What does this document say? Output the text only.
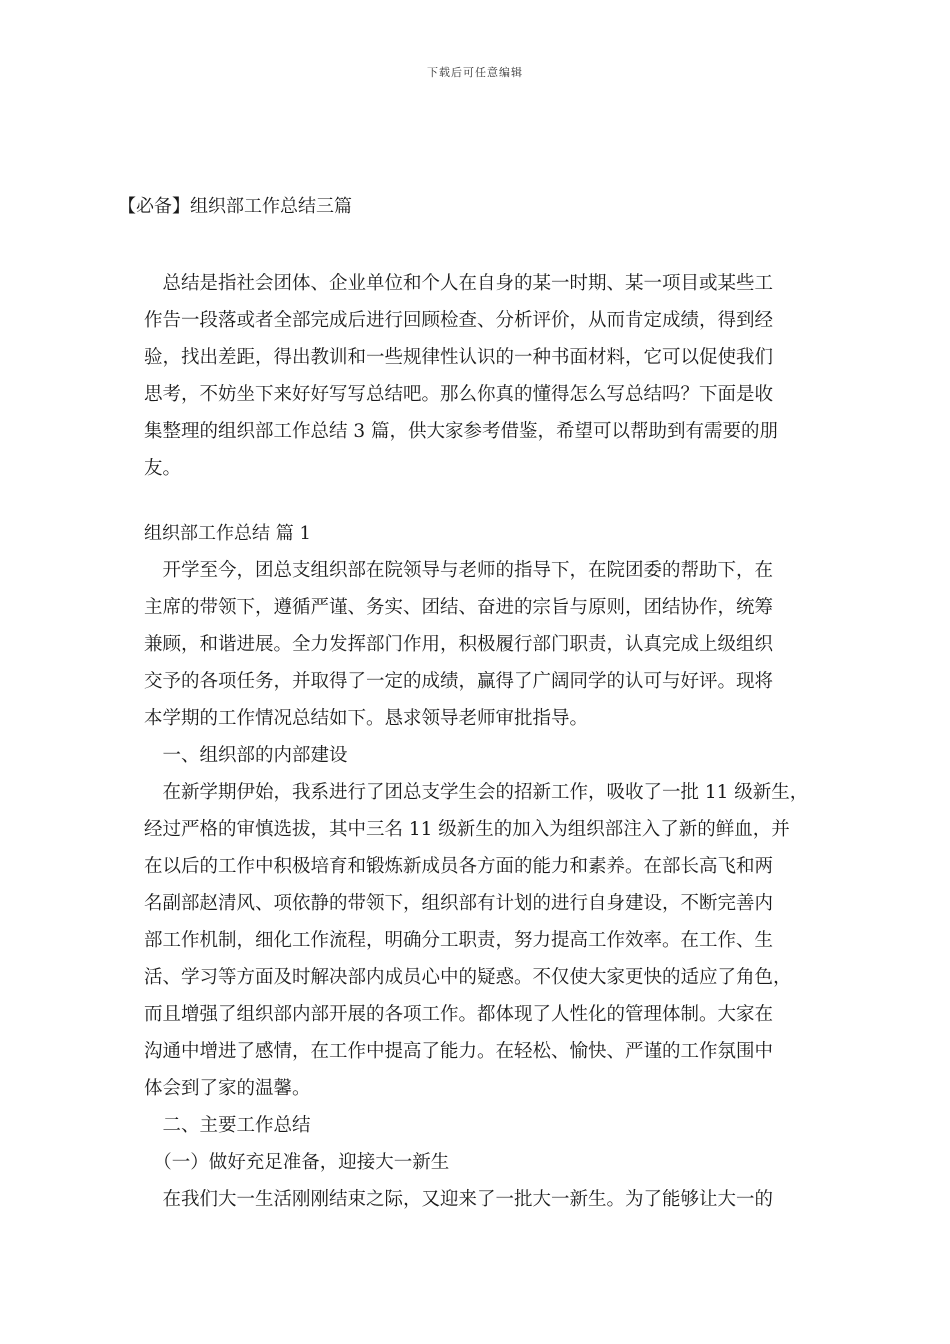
下载后可任意编辑
【必备】组织部工作总结三篇
　总结是指社会团体、企业单位和个人在自身的某一时期、某一项目或某些工
作告一段落或者全部完成后进行回顾检查、分析评价，从而肯定成绩，得到经
验，找出差距，得出教训和一些规律性认识的一种书面材料，它可以促使我们
思考，不妨坐下来好好写写总结吧。那么你真的懂得怎么写总结吗？下面是收
集整理的组织部工作总结 3 篇，供大家参考借鉴，希望可以帮助到有需要的朋
友。
组织部工作总结 篇 1
　开学至今，团总支组织部在院领导与老师的指导下，在院团委的帮助下，在
主席的带领下，遵循严谨、务实、团结、奋进的宗旨与原则，团结协作，统筹
兼顾，和谐进展。全力发挥部门作用，积极履行部门职责，认真完成上级组织
交予的各项任务，并取得了一定的成绩，赢得了广阔同学的认可与好评。现将
本学期的工作情况总结如下。恳求领导老师审批指导。
　一、组织部的内部建设
　在新学期伊始，我系进行了团总支学生会的招新工作，吸收了一批 11 级新生，
经过严格的审慎选拔，其中三名 11 级新生的加入为组织部注入了新的鲜血，并
在以后的工作中积极培育和锻炼新成员各方面的能力和素养。在部长高飞和两
名副部赵清风、项依静的带领下，组织部有计划的进行自身建设，不断完善内
部工作机制，细化工作流程，明确分工职责，努力提高工作效率。在工作、生
活、学习等方面及时解决部内成员心中的疑惑。不仅使大家更快的适应了角色，
而且增强了组织部内部开展的各项工作。都体现了人性化的管理体制。大家在
沟通中增进了感情，在工作中提高了能力。在轻松、愉快、严谨的工作氛围中
体会到了家的温馨。
　二、主要工作总结
　（一）做好充足准备，迎接大一新生
　在我们大一生活刚刚结束之际，又迎来了一批大一新生。为了能够让大一的
